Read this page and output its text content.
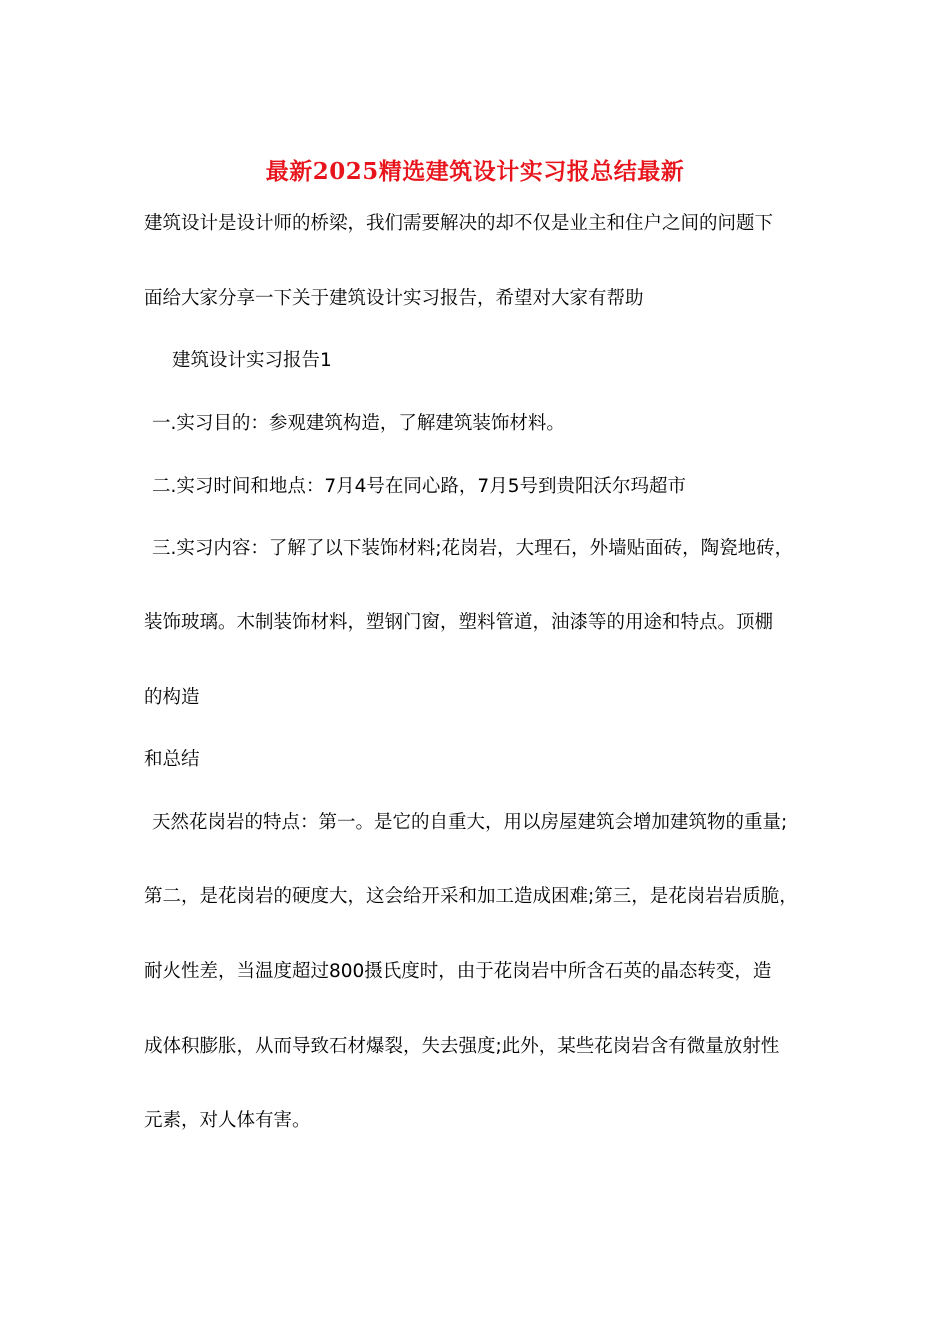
最新2025精选建筑设计实习报总结最新
建筑设计是设计师的桥梁，我们需要解决的却不仅是业主和住户之间的问题下
面给大家分享一下关于建筑设计实习报告，希望对大家有帮助
建筑设计实习报告1
一.实习目的：参观建筑构造，了解建筑装饰材料。
二.实习时间和地点：7月4号在同心路，7月5号到贵阳沃尔玛超市
三.实习内容：了解了以下装饰材料;花岗岩，大理石，外墙贴面砖，陶瓷地砖，
装饰玻璃。木制装饰材料，塑钢门窗，塑料管道，油漆等的用途和特点。顶棚
的构造
和总结
天然花岗岩的特点：第一。是它的自重大，用以房屋建筑会增加建筑物的重量;
第二，是花岗岩的硬度大，这会给开采和加工造成困难;第三，是花岗岩岩质脆，
耐火性差，当温度超过800摄氏度时，由于花岗岩中所含石英的晶态转变，造
成体积膨胀，从而导致石材爆裂，失去强度;此外，某些花岗岩含有微量放射性
元素，对人体有害。
